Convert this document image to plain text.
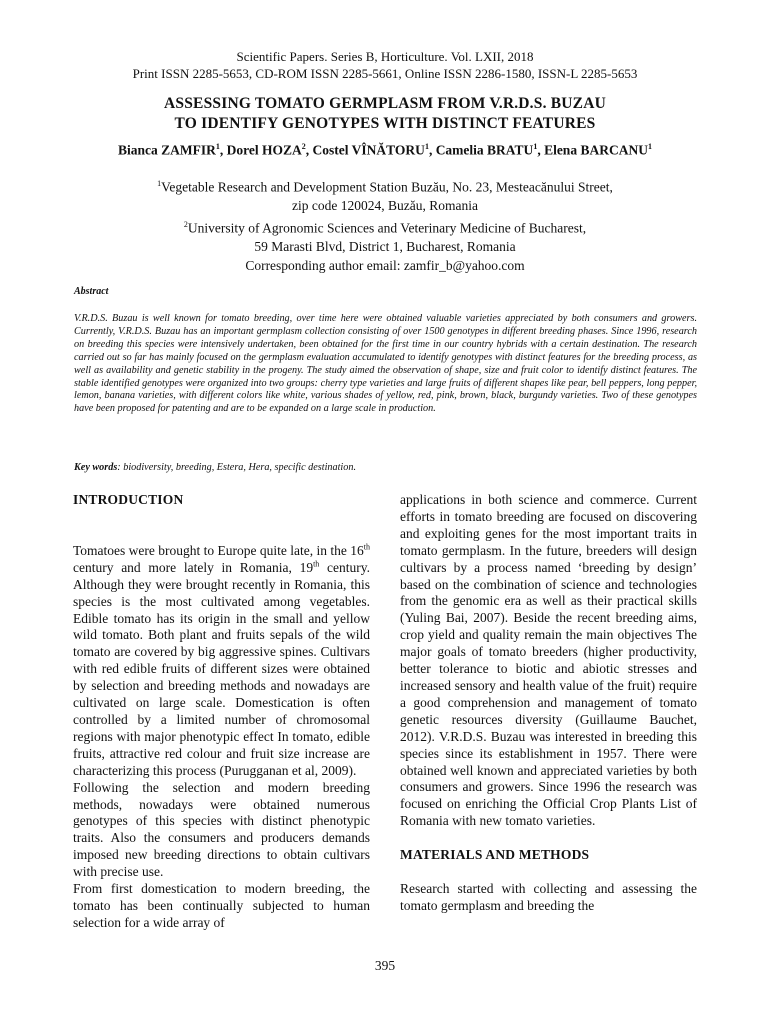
Scientific Papers. Series B, Horticulture. Vol. LXII, 2018
Print ISSN 2285-5653, CD-ROM ISSN 2285-5661, Online ISSN 2286-1580, ISSN-L 2285-5653
ASSESSING TOMATO GERMPLASM FROM V.R.D.S. BUZAU
TO IDENTIFY GENOTYPES WITH DISTINCT FEATURES
Bianca ZAMFIR$^1$, Dorel HOZA$^2$, Costel VÎNĂTORU$^1$, Camelia BRATU$^1$, Elena BARCANU$^1$
$^1$Vegetable Research and Development Station Buzău, No. 23, Mesteacănului Street,
zip code 120024, Buzău, Romania
$^2$University of Agronomic Sciences and Veterinary Medicine of Bucharest,
59 Marasti Blvd, District 1, Bucharest, Romania
Corresponding author email: zamfir_b@yahoo.com
Abstract
V.R.D.S. Buzau is well known for tomato breeding, over time here were obtained valuable varieties appreciated by both consumers and growers. Currently, V.R.D.S. Buzau has an important germplasm collection consisting of over 1500 genotypes in different breeding phases. Since 1996, research on breeding this species were intensively undertaken, been obtained for the first time in our country hybrids with a certain destination. The research carried out so far has mainly focused on the germplasm evaluation accumulated to identify genotypes with distinct features for the breeding process, as well as availability and genetic stability in the progeny. The study aimed the observation of shape, size and fruit color to identify distinct features. The stable identified genotypes were organized into two groups: cherry type varieties and large fruits of different shapes like pear, bell peppers, long pepper, lemon, banana varieties, with different colors like white, various shades of yellow, red, pink, brown, black, burgundy varieties. Two of these genotypes have been proposed for patenting and are to be expanded on a large scale in production.
Key words: biodiversity, breeding, Estera, Hera, specific destination.

INTRODUCTION

Tomatoes were brought to Europe quite late, in the 16th century and more lately in Romania, 19th century. Although they were brought recently in Romania, this species is the most cultivated among vegetables. Edible tomato has its origin in the small and yellow wild tomato. Both plant and fruits sepals of the wild tomato are covered by big aggressive spines. Cultivars with red edible fruits of different sizes were obtained by selection and breeding methods and nowadays are cultivated on large scale. Domestication is often controlled by a limited number of chromosomal regions with major phenotypic effect In tomato, edible fruits, attractive red colour and fruit size increase are characterizing this process (Purugganan et al, 2009).

Following the selection and modern breeding methods, nowadays were obtained numerous genotypes of this species with distinct phenotypic traits. Also the consumers and producers demands imposed new breeding directions to obtain cultivars with precise use.

From first domestication to modern breeding, the tomato has been continually subjected to human selection for a wide array of

applications in both science and commerce. Current efforts in tomato breeding are focused on discovering and exploiting genes for the most important traits in tomato germplasm. In the future, breeders will design cultivars by a process named ‘breeding by design’ based on the combination of science and technologies from the genomic era as well as their practical skills (Yuling Bai, 2007). Beside the recent breeding aims, crop yield and quality remain the main objectives The major goals of tomato breeders (higher productivity, better tolerance to biotic and abiotic stresses and increased sensory and health value of the fruit) require a good comprehension and management of tomato genetic resources diversity (Guillaume Bauchet, 2012). V.R.D.S. Buzau was interested in breeding this species since its establishment in 1957. There were obtained well known and appreciated varieties by both consumers and growers. Since 1996 the research was focused on enriching the Official Crop Plants List of Romania with new tomato varieties.

MATERIALS AND METHODS

Research started with collecting and assessing the tomato germplasm and breeding the

395
